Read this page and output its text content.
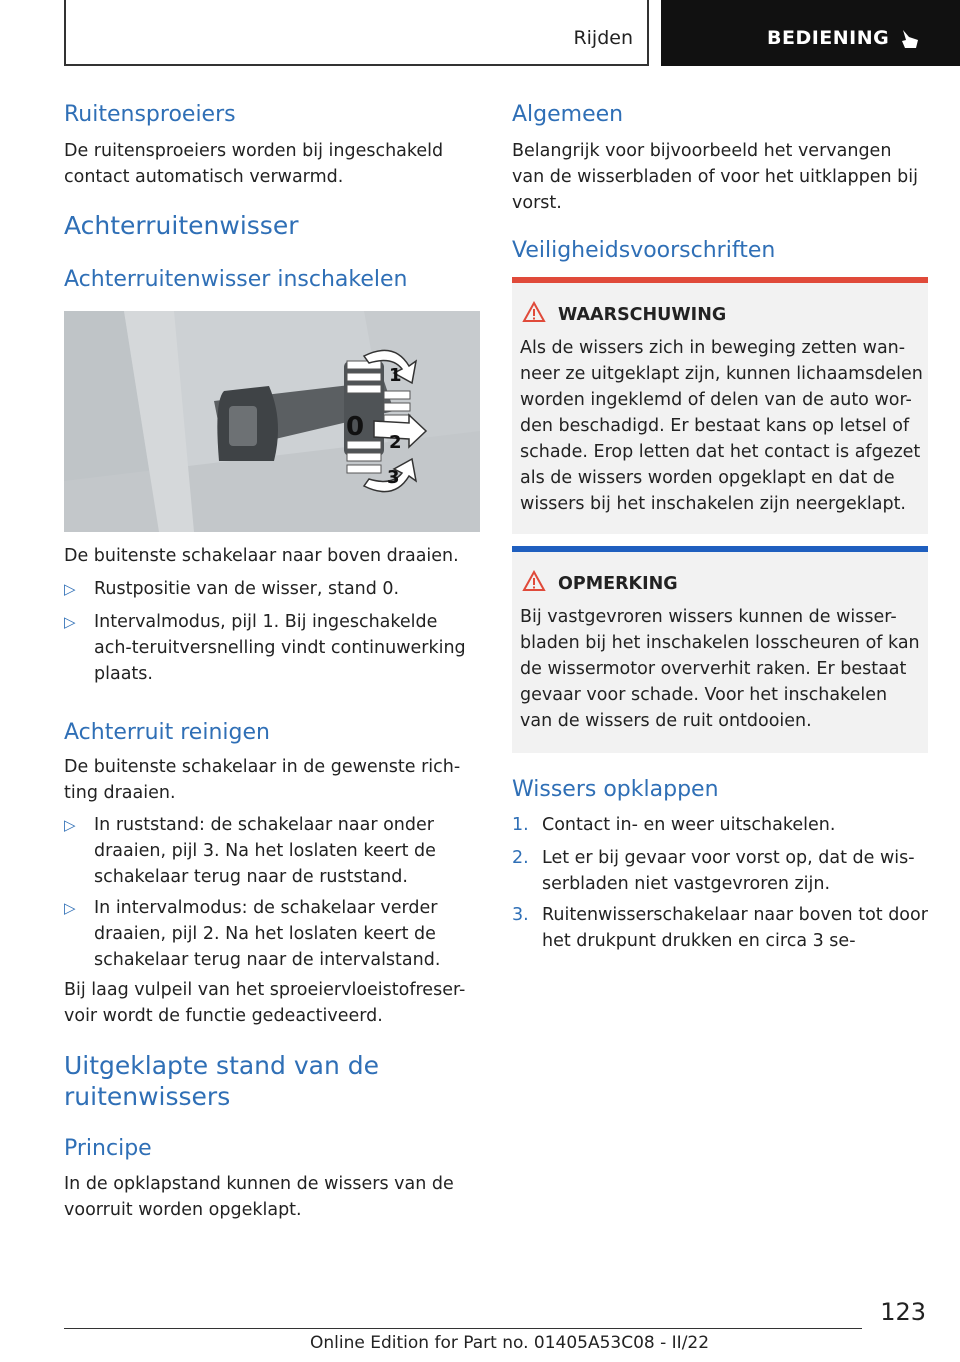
Rijden	BEDIENING
Ruitensproeiers
De ruitensproeiers worden bij ingeschakeld contact automatisch verwarmd.
Achterruitenwisser
Achterruitenwisser inschakelen
1
0
2
3
De buitenste schakelaar naar boven draaien.
▷ Rustpositie van de wisser, stand 0.
▷ Intervalmodus, pijl 1. Bij ingeschakelde ach-teruitversnelling vindt continuwerking plaats.
Achterruit reinigen
De buitenste schakelaar in de gewenste rich-ting draaien.
▷ In ruststand: de schakelaar naar onder draaien, pijl 3. Na het loslaten keert de schakelaar terug naar de ruststand.
▷ In intervalmodus: de schakelaar verder draaien, pijl 2. Na het loslaten keert de schakelaar terug naar de intervalstand.
Bij laag vulpeil van het sproeiervloeistofreser-voir wordt de functie gedeactiveerd.
Uitgeklapte stand van de ruitenwissers
Principe
In de opklapstand kunnen de wissers van de voorruit worden opgeklapt.
Algemeen
Belangrijk voor bijvoorbeeld het vervangen van de wisserbladen of voor het uitklappen bij vorst.
Veiligheidsvoorschriften
WAARSCHUWING
Als de wissers zich in beweging zetten wan-neer ze uitgeklapt zijn, kunnen lichaamsdelen worden ingeklemd of delen van de auto wor-den beschadigd. Er bestaat kans op letsel of schade. Erop letten dat het contact is afgezet als de wissers worden opgeklapt en dat de wissers bij het inschakelen zijn neergeklapt.
OPMERKING
Bij vastgevroren wissers kunnen de wisser-bladen bij het inschakelen losscheuren of kan de wissermotor oververhit raken. Er bestaat gevaar voor schade. Voor het inschakelen van de wissers de ruit ontdooien.
Wissers opklappen
1. Contact in- en weer uitschakelen.
2. Let er bij gevaar voor vorst op, dat de wis-serbladen niet vastgevroren zijn.
3. Ruitenwisserschakelaar naar boven tot door het drukpunt drukken en circa 3 se-
123
Online Edition for Part no. 01405A53C08 - II/22
